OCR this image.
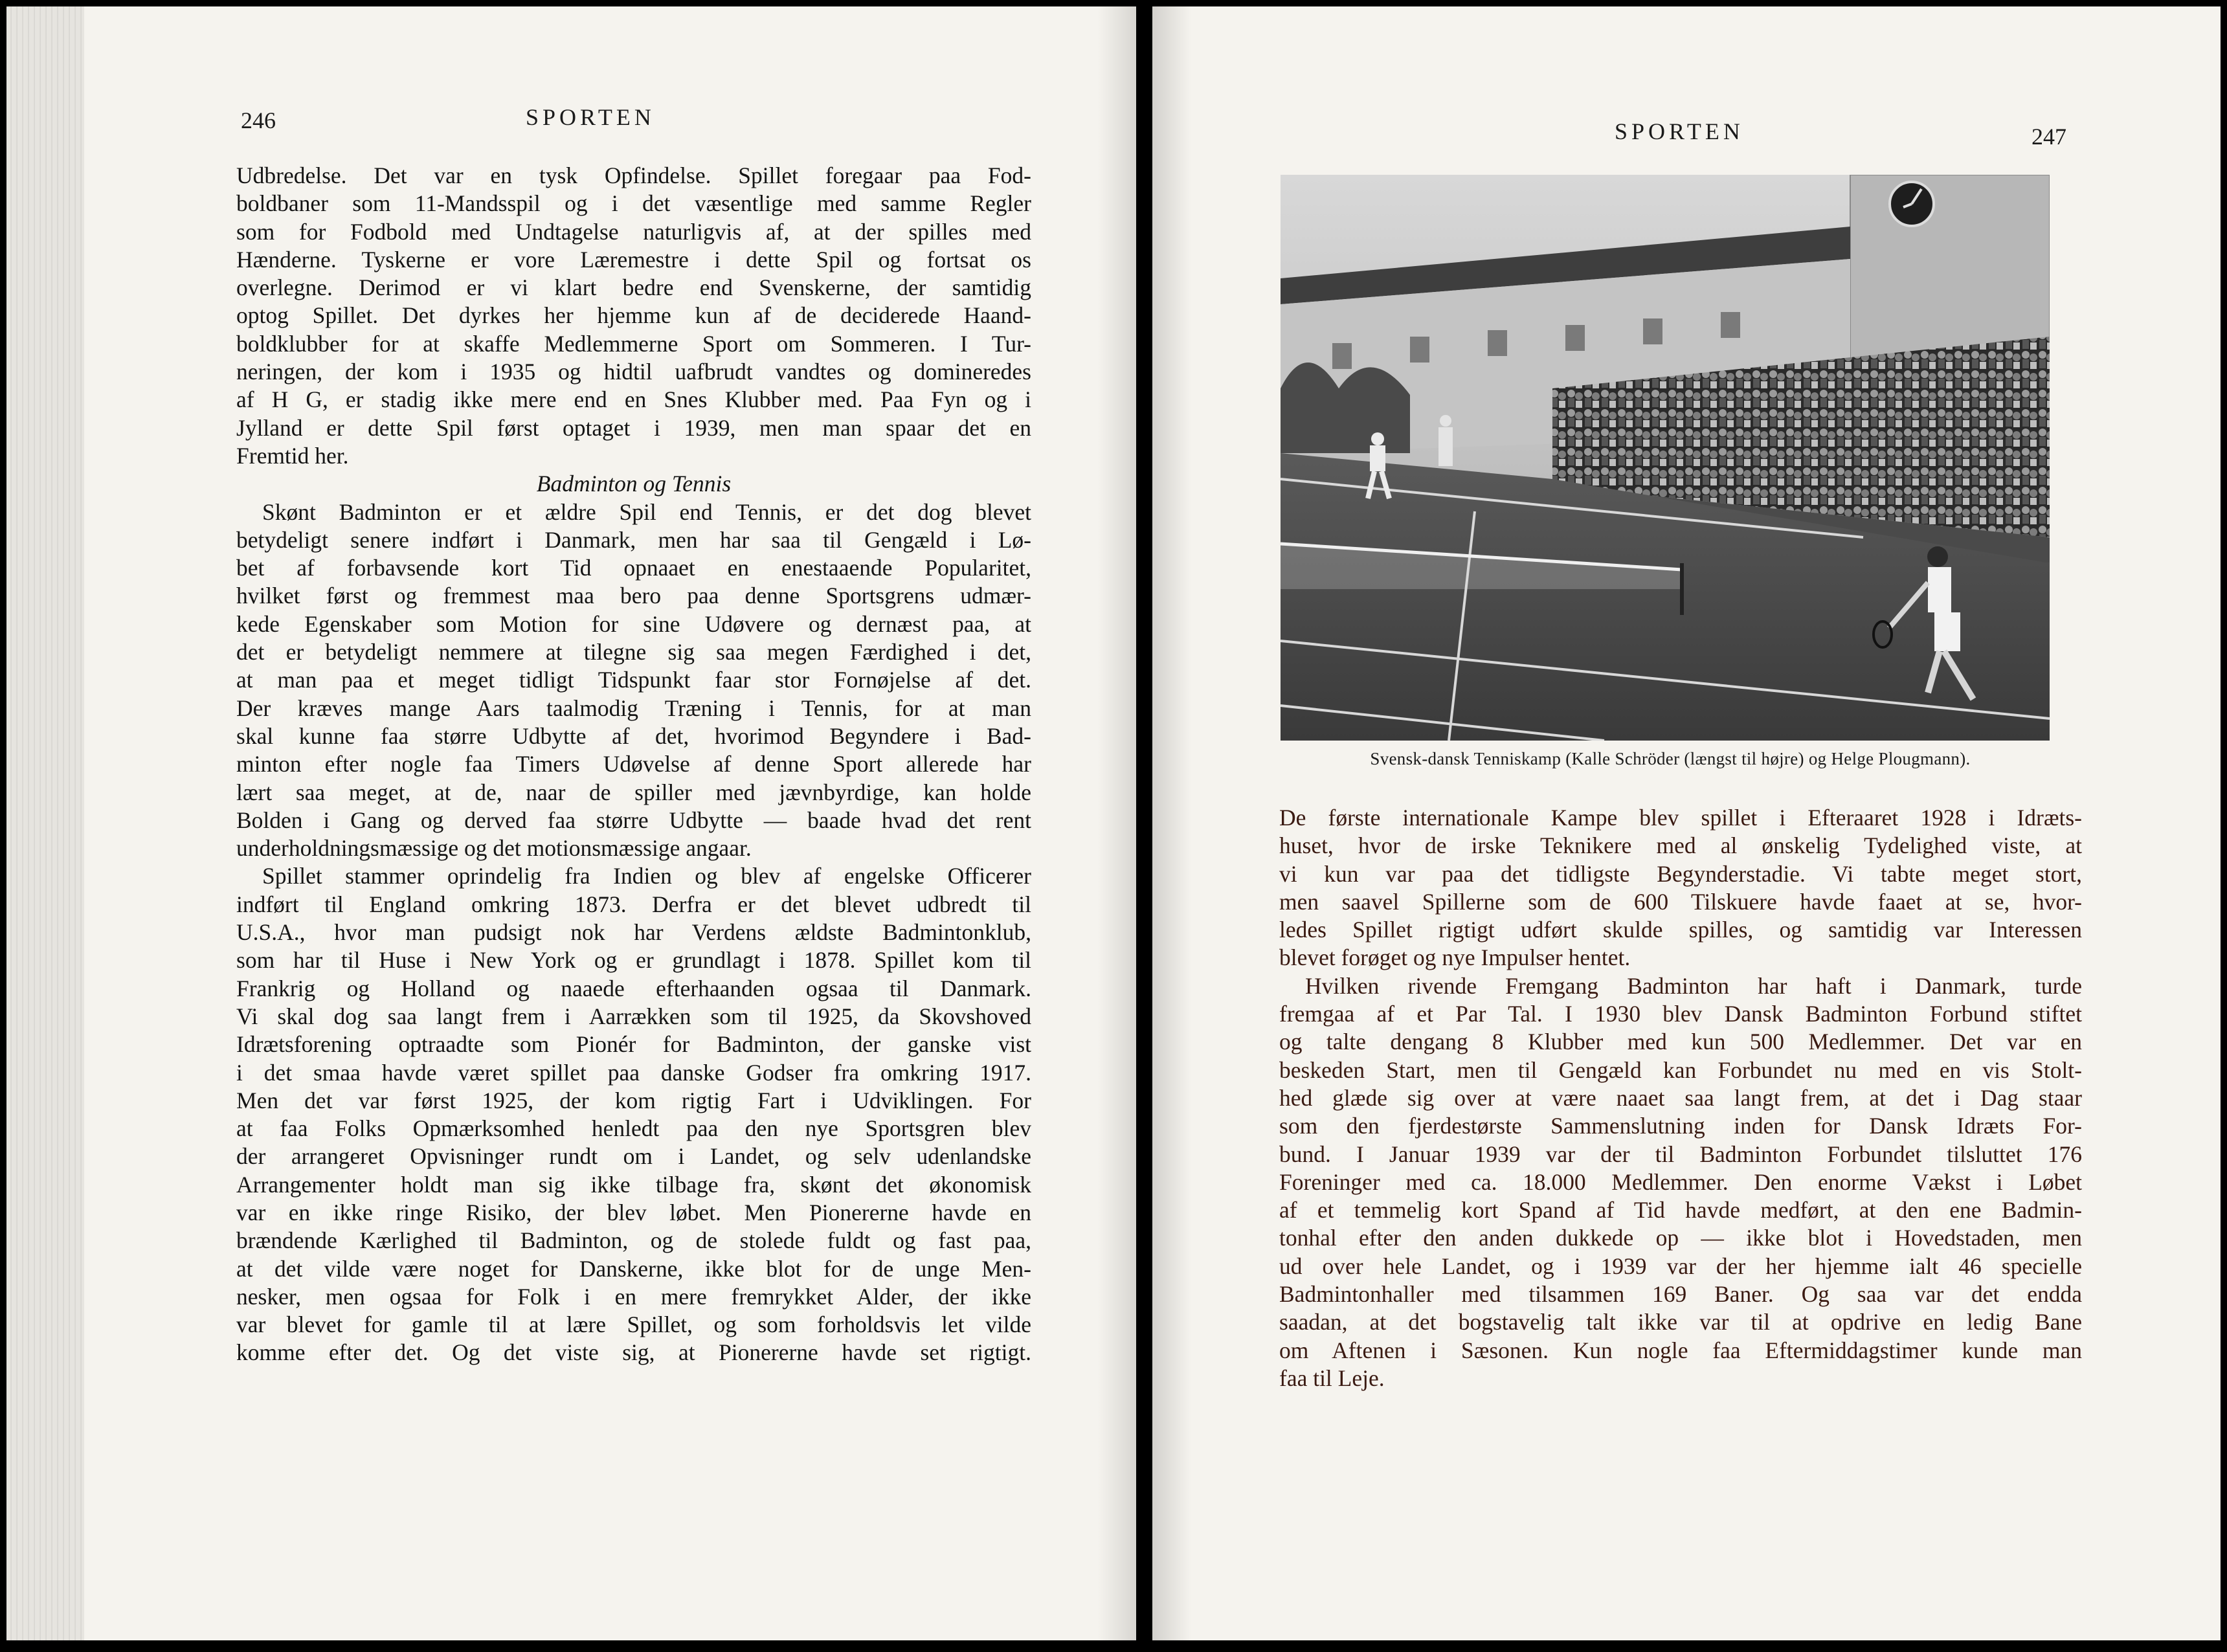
246	SPORTEN
SPORTEN	247
Udbredelse. Det var en tysk Opfindelse. Spillet foregaar paa Fod-
boldbaner som 11-Mandsspil og i det væsentlige med samme Regler
som for Fodbold med Undtagelse naturligvis af, at der spilles med
Hænderne. Tyskerne er vore Læremestre i dette Spil og fortsat os
overlegne. Derimod er vi klart bedre end Svenskerne, der samtidig
optog Spillet. Det dyrkes her hjemme kun af de deciderede Haand-
boldklubber for at skaffe Medlemmerne Sport om Sommeren. I Tur-
neringen, der kom i 1935 og hidtil uafbrudt vandtes og domineredes
af H G, er stadig ikke mere end en Snes Klubber med. Paa Fyn og i
Jylland er dette Spil først optaget i 1939, men man spaar det en
Fremtid her.
Badminton og Tennis
Skønt Badminton er et ældre Spil end Tennis, er det dog blevet
betydeligt senere indført i Danmark, men har saa til Gengæld i Lø-
bet af forbavsende kort Tid opnaaet en enestaaende Popularitet,
hvilket først og fremmest maa bero paa denne Sportsgrens udmær-
kede Egenskaber som Motion for sine Udøvere og dernæst paa, at
det er betydeligt nemmere at tilegne sig saa megen Færdighed i det,
at man paa et meget tidligt Tidspunkt faar stor Fornøjelse af det.
Der kræves mange Aars taalmodig Træning i Tennis, for at man
skal kunne faa større Udbytte af det, hvorimod Begyndere i Bad-
minton efter nogle faa Timers Udøvelse af denne Sport allerede har
lært saa meget, at de, naar de spiller med jævnbyrdige, kan holde
Bolden i Gang og derved faa større Udbytte — baade hvad det rent
underholdningsmæssige og det motionsmæssige angaar.
Spillet stammer oprindelig fra Indien og blev af engelske Officerer
indført til England omkring 1873. Derfra er det blevet udbredt til
U.S.A., hvor man pudsigt nok har Verdens ældste Badmintonklub,
som har til Huse i New York og er grundlagt i 1878. Spillet kom til
Frankrig og Holland og naaede efterhaanden ogsaa til Danmark.
Vi skal dog saa langt frem i Aarrækken som til 1925, da Skovshoved
Idrætsforening optraadte som Pionér for Badminton, der ganske vist
i det smaa havde været spillet paa danske Godser fra omkring 1917.
Men det var først 1925, der kom rigtig Fart i Udviklingen. For
at faa Folks Opmærksomhed henledt paa den nye Sportsgren blev
der arrangeret Opvisninger rundt om i Landet, og selv udenlandske
Arrangementer holdt man sig ikke tilbage fra, skønt det økonomisk
var en ikke ringe Risiko, der blev løbet. Men Pionererne havde en
brændende Kærlighed til Badminton, og de stolede fuldt og fast paa,
at det vilde være noget for Danskerne, ikke blot for de unge Men-
nesker, men ogsaa for Folk i en mere fremrykket Alder, der ikke
var blevet for gamle til at lære Spillet, og som forholdsvis let vilde
komme efter det. Og det viste sig, at Pionererne havde set rigtigt.
Svensk-dansk Tenniskamp (Kalle Schröder (længst til højre) og Helge Plougmann).
De første internationale Kampe blev spillet i Efteraaret 1928 i Idræts-
huset, hvor de irske Teknikere med al ønskelig Tydelighed viste, at
vi kun var paa det tidligste Begynderstadie. Vi tabte meget stort,
men saavel Spillerne som de 600 Tilskuere havde faaet at se, hvor-
ledes Spillet rigtigt udført skulde spilles, og samtidig var Interessen
blevet forøget og nye Impulser hentet.
Hvilken rivende Fremgang Badminton har haft i Danmark, turde
fremgaa af et Par Tal. I 1930 blev Dansk Badminton Forbund stiftet
og talte dengang 8 Klubber med kun 500 Medlemmer. Det var en
beskeden Start, men til Gengæld kan Forbundet nu med en vis Stolt-
hed glæde sig over at være naaet saa langt frem, at det i Dag staar
som den fjerdestørste Sammenslutning inden for Dansk Idræts For-
bund. I Januar 1939 var der til Badminton Forbundet tilsluttet 176
Foreninger med ca. 18.000 Medlemmer. Den enorme Vækst i Løbet
af et temmelig kort Spand af Tid havde medført, at den ene Badmin-
tonhal efter den anden dukkede op — ikke blot i Hovedstaden, men
ud over hele Landet, og i 1939 var der her hjemme ialt 46 specielle
Badmintonhaller med tilsammen 169 Baner. Og saa var det endda
saadan, at det bogstavelig talt ikke var til at opdrive en ledig Bane
om Aftenen i Sæsonen. Kun nogle faa Eftermiddagstimer kunde man
faa til Leje.
